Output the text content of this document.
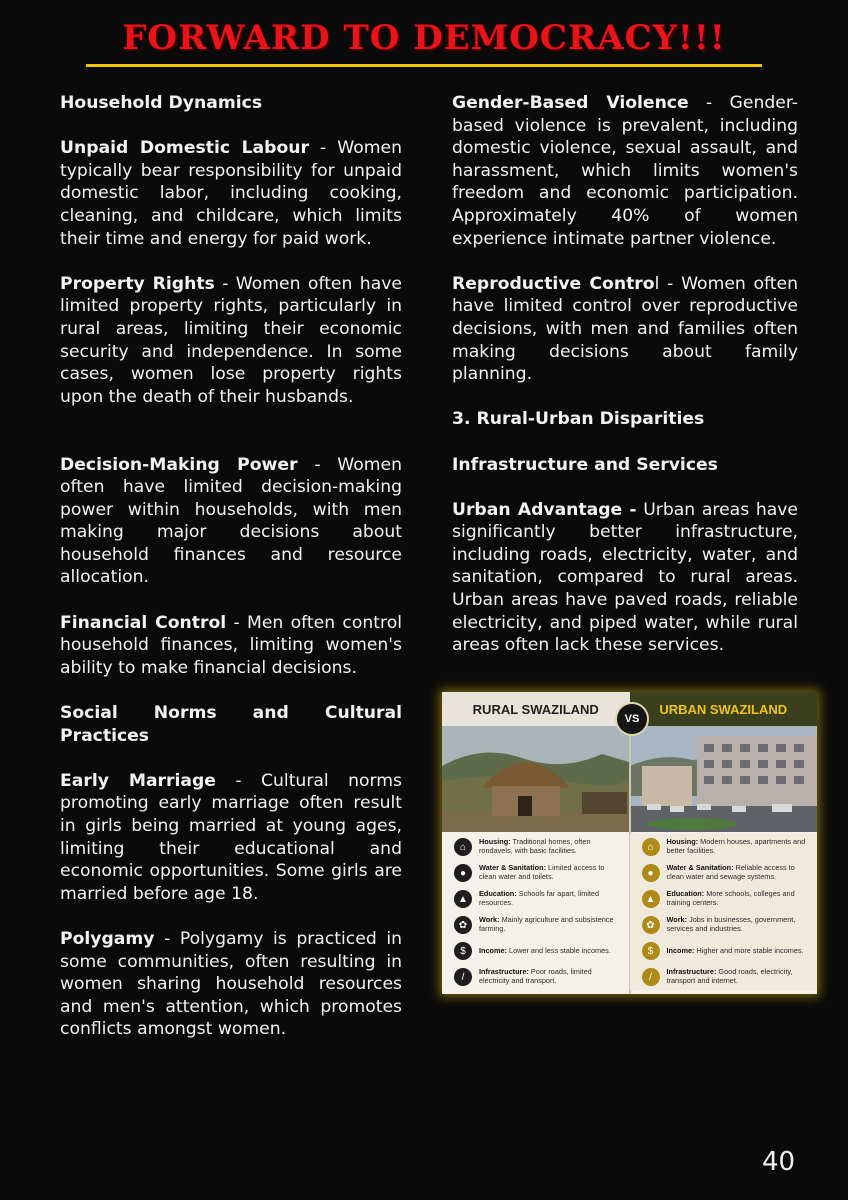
FORWARD TO DEMOCRACY!!!

Household Dynamics

Unpaid Domestic Labour - Women typically bear responsibility for unpaid domestic labor, including cooking, cleaning, and childcare, which limits their time and energy for paid work.

Property Rights - Women often have limited property rights, particularly in rural areas, limiting their economic security and independence. In some cases, women lose property rights upon the death of their husbands.

Decision-Making Power - Women often have limited decision-making power within households, with men making major decisions about household finances and resource allocation.

Financial Control - Men often control household finances, limiting women's ability to make financial decisions.

Social Norms and Cultural Practices

Early Marriage - Cultural norms promoting early marriage often result in girls being married at young ages, limiting their educational and economic opportunities. Some girls are married before age 18.

Polygamy - Polygamy is practiced in some communities, often resulting in women sharing household resources and men's attention, which promotes conflicts amongst women.

Gender-Based Violence - Gender-based violence is prevalent, including domestic violence, sexual assault, and harassment, which limits women's freedom and economic participation. Approximately 40% of women experience intimate partner violence.

Reproductive Control - Women often have limited control over reproductive decisions, with men and families often making decisions about family planning.

3. Rural-Urban Disparities

Infrastructure and Services

Urban Advantage - Urban areas have significantly better infrastructure, including roads, electricity, water, and sanitation, compared to rural areas. Urban areas have paved roads, reliable electricity, and piped water, while rural areas often lack these services.

RURAL SWAZILAND	URBAN SWAZILAND
VS
⌂	Housing: Traditional homes, often rondavels, with basic facilities.	⌂	Housing: Modern houses, apartments and better facilities.
●	Water & Sanitation: Limited access to clean water and toilets.	●	Water & Sanitation: Reliable access to clean water and sewage systems.
▲	Education: Schools far apart, limited resources.	▲	Education: More schools, colleges and training centers.
✿	Work: Mainly agriculture and subsistence farming.	✿	Work: Jobs in businesses, government, services and industries.
$	Income: Lower and less stable incomes.	$	Income: Higher and more stable incomes.
/	Infrastructure: Poor roads, limited electricity and transport.	/	Infrastructure: Good roads, electricity, transport and internet.
40
